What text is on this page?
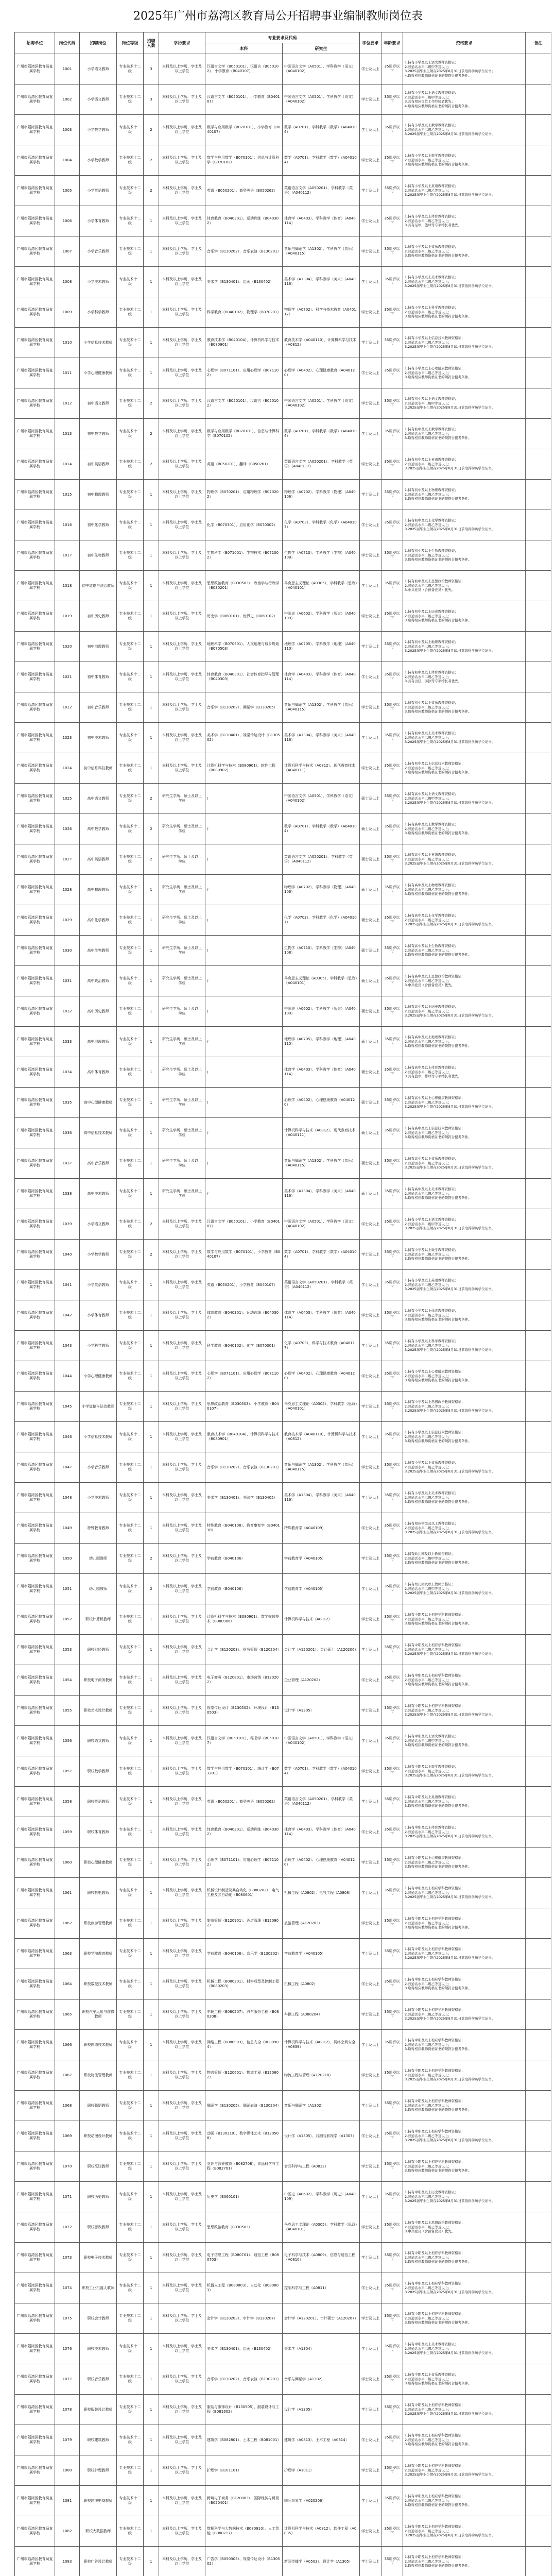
2025年广州市荔湾区教育局公开招聘事业编制教师岗位表
招聘单位	岗位代码	招聘岗位	岗位等级	招聘人数	学历要求	专业要求及代码		学位要求	年龄要求	资格要求	备注
						本科	研究生				
广州市荔湾区教育局直属学校	1001	小学语文教师	专业技术十二级	3	本科及以上学历、学士及以上学位	汉语言文学（B050101）、汉语言（B050102）、小学教育（B040107）	中国语言文学（A0501）、学科教学（语文）（A040102）	学士及以上	35周岁以下	1.持有小学及以上语文教师资格证；
2.普通话水平二级甲等及以上；
3.2025届毕业生须在2025年8月31日前取得学历学位证书；
4.取得相应教师资格证书的须符合报考条件。	
广州市荔湾区教育局直属学校	1002	小学语文教师	专业技术十二级	3	本科及以上学历、学士及以上学位	汉语言文学（B050101）、小学教育（B040107）	中国语言文学（A0501）、学科教学（语文）（A040102）	学士及以上	35周岁以下	1.持有小学及以上语文教师资格证；
2.普通话水平二级甲等及以上；
3.具有相应岗位工作经验者优先；
4.取得相应教师资格证书的须符合报考条件。	
广州市荔湾区教育局直属学校	1003	小学数学教师	专业技术十二级	2	本科及以上学历、学士及以上学位	数学与应用数学（B070101）、小学教育（B040107）	数学（A0701）、学科教学（数学）（A040104）	学士及以上	35周岁以下	1.持有小学及以上数学教师资格证；
2.普通话水平二级乙等及以上；
3.2025届毕业生须在2025年8月31日前取得学历学位证书。	
广州市荔湾区教育局直属学校	1004	小学数学教师	专业技术十二级	2	本科及以上学历、学士及以上学位	数学与应用数学（B070101）、信息与计算科学（B070102）	数学（A0701）、学科教学（数学）（A040104）	学士及以上	35周岁以下	1.持有小学及以上数学教师资格证；
2.普通话水平二级乙等及以上；
3.取得相应教师资格证书的须符合报考条件。	
广州市荔湾区教育局直属学校	1005	小学英语教师	专业技术十二级	2	本科及以上学历、学士及以上学位	英语（B050201）、商务英语（B050262）	英语语言文学（A050201）、学科教学（英语）（A040112）	学士及以上	35周岁以下	1.持有小学及以上英语教师资格证；
2.普通话水平二级乙等及以上；
3.2025届毕业生须在2025年8月31日前取得学历学位证书。	
广州市荔湾区教育局直属学校	1006	小学体育教师	专业技术十二级	1	本科及以上学历、学士及以上学位	体育教育（B040301）、运动训练（B040302）	体育学（A0403）、学科教学（体育）（A040114）	学士及以上	35周岁以下	1.持有小学及以上体育教师资格证；
2.普通话水平二级乙等及以上；
3.具有足球、篮球等专项特长者优先。	
广州市荔湾区教育局直属学校	1007	小学音乐教师	专业技术十二级	1	本科及以上学历、学士及以上学位	音乐学（B130202）、音乐表演（B130201）	音乐与舞蹈学（A1302）、学科教学（音乐）（A040115）	学士及以上	35周岁以下	1.持有小学及以上音乐教师资格证；
2.普通话水平二级乙等及以上；
3.取得相应教师资格证书的须符合报考条件。	
广州市荔湾区教育局直属学校	1008	小学美术教师	专业技术十二级	1	本科及以上学历、学士及以上学位	美术学（B130401）、绘画（B130402）	美术学（A1304）、学科教学（美术）（A040116）	学士及以上	35周岁以下	1.持有小学及以上美术教师资格证；
2.普通话水平二级乙等及以上；
3.2025届毕业生须在2025年8月31日前取得学历学位证书。	
广州市荔湾区教育局直属学校	1009	小学科学教师	专业技术十二级	1	本科及以上学历、学士及以上学位	科学教育（B040102）、物理学（B070201）	物理学（A0702）、科学与技术教育（A040117）	学士及以上	35周岁以下	1.持有小学及以上科学教师资格证；
2.普通话水平二级乙等及以上；
3.取得相应教师资格证书的须符合报考条件。	
广州市荔湾区教育局直属学校	1010	小学信息技术教师	专业技术十二级	1	本科及以上学历、学士及以上学位	教育技术学（B040104）、计算机科学与技术（B080901）	教育技术学（A040110）、计算机科学与技术（A0812）	学士及以上	35周岁以下	1.持有小学及以上信息技术教师资格证；
2.普通话水平二级乙等及以上；
3.2025届毕业生须在2025年8月31日前取得学历学位证书。	
广州市荔湾区教育局直属学校	1011	小学心理健康教师	专业技术十二级	1	本科及以上学历、学士及以上学位	心理学（B071101）、应用心理学（B071102）	心理学（A0402）、心理健康教育（A040120）	学士及以上	35周岁以下	1.持有小学及以上心理健康教师资格证；
2.普通话水平二级乙等及以上；
3.取得相应教师资格证书的须符合报考条件。	
广州市荔湾区教育局直属学校	1012	初中语文教师	专业技术十二级	2	本科及以上学历、学士及以上学位	汉语言文学（B050101）、汉语言（B050102）	中国语言文学（A0501）、学科教学（语文）（A040102）	学士及以上	35周岁以下	1.持有初中及以上语文教师资格证；
2.普通话水平二级甲等及以上；
3.2025届毕业生须在2025年8月31日前取得学历学位证书。	
广州市荔湾区教育局直属学校	1013	初中数学教师	专业技术十二级	2	本科及以上学历、学士及以上学位	数学与应用数学（B070101）、信息与计算科学（B070102）	数学（A0701）、学科教学（数学）（A040104）	学士及以上	35周岁以下	1.持有初中及以上数学教师资格证；
2.普通话水平二级乙等及以上；
3.取得相应教师资格证书的须符合报考条件。	
广州市荔湾区教育局直属学校	1014	初中英语教师	专业技术十二级	2	本科及以上学历、学士及以上学位	英语（B050201）、翻译（B050261）	英语语言文学（A050201）、学科教学（英语）（A040112）	学士及以上	35周岁以下	1.持有初中及以上英语教师资格证；
2.普通话水平二级乙等及以上；
3.2025届毕业生须在2025年8月31日前取得学历学位证书。	
广州市荔湾区教育局直属学校	1015	初中物理教师	专业技术十二级	1	本科及以上学历、学士及以上学位	物理学（B070201）、应用物理学（B070202）	物理学（A0702）、学科教学（物理）（A040106）	学士及以上	35周岁以下	1.持有初中及以上物理教师资格证；
2.普通话水平二级乙等及以上；
3.取得相应教师资格证书的须符合报考条件。	
广州市荔湾区教育局直属学校	1016	初中化学教师	专业技术十二级	1	本科及以上学历、学士及以上学位	化学（B070301）、应用化学（B070302）	化学（A0703）、学科教学（化学）（A040107）	学士及以上	35周岁以下	1.持有初中及以上化学教师资格证；
2.普通话水平二级乙等及以上；
3.2025届毕业生须在2025年8月31日前取得学历学位证书。	
广州市荔湾区教育局直属学校	1017	初中生物教师	专业技术十二级	1	本科及以上学历、学士及以上学位	生物科学（B071001）、生物技术（B071002）	生物学（A0710）、学科教学（生物）（A040108）	学士及以上	35周岁以下	1.持有初中及以上生物教师资格证；
2.普通话水平二级乙等及以上；
3.取得相应教师资格证书的须符合报考条件。	
广州市荔湾区教育局直属学校	1018	初中道德与法治教师	专业技术十二级	1	本科及以上学历、学士及以上学位	思想政治教育（B030503）、政治学与行政学（B030201）	马克思主义理论（A0305）、学科教学（思政）（A040101）	学士及以上	35周岁以下	1.持有初中及以上思想政治教师资格证；
2.普通话水平二级乙等及以上；
3.中共党员（含预备党员）优先。	
广州市荔湾区教育局直属学校	1019	初中历史教师	专业技术十二级	1	本科及以上学历、学士及以上学位	历史学（B060101）、世界史（B060102）	中国史（A0602）、学科教学（历史）（A040109）	学士及以上	35周岁以下	1.持有初中及以上历史教师资格证；
2.普通话水平二级乙等及以上；
3.取得相应教师资格证书的须符合报考条件。	
广州市荔湾区教育局直属学校	1020	初中地理教师	专业技术十二级	1	本科及以上学历、学士及以上学位	地理科学（B070501）、人文地理与城乡规划（B070503）	地理学（A0705）、学科教学（地理）（A040110）	学士及以上	35周岁以下	1.持有初中及以上地理教师资格证；
2.普通话水平二级乙等及以上；
3.2025届毕业生须在2025年8月31日前取得学历学位证书。	
广州市荔湾区教育局直属学校	1021	初中体育教师	专业技术十二级	1	本科及以上学历、学士及以上学位	体育教育（B040301）、社会体育指导与管理（B040303）	体育学（A0403）、学科教学（体育）（A040114）	学士及以上	35周岁以下	1.持有初中及以上体育教师资格证；
2.普通话水平二级乙等及以上；
3.具有田径、游泳等专项特长者优先。	
广州市荔湾区教育局直属学校	1022	初中音乐教师	专业技术十二级	1	本科及以上学历、学士及以上学位	音乐学（B130202）、舞蹈学（B130205）	音乐与舞蹈学（A1302）、学科教学（音乐）（A040115）	学士及以上	35周岁以下	1.持有初中及以上音乐教师资格证；
2.普通话水平二级乙等及以上；
3.取得相应教师资格证书的须符合报考条件。	
广州市荔湾区教育局直属学校	1023	初中美术教师	专业技术十二级	1	本科及以上学历、学士及以上学位	美术学（B130401）、视觉传达设计（B130502）	美术学（A1304）、学科教学（美术）（A040116）	学士及以上	35周岁以下	1.持有初中及以上美术教师资格证；
2.普通话水平二级乙等及以上；
3.2025届毕业生须在2025年8月31日前取得学历学位证书。	
广州市荔湾区教育局直属学校	1024	初中信息科技教师	专业技术十二级	1	本科及以上学历、学士及以上学位	计算机科学与技术（B080901）、软件工程（B080902）	计算机科学与技术（A0812）、现代教育技术（A040111）	学士及以上	35周岁以下	1.持有初中及以上信息技术教师资格证；
2.普通话水平二级乙等及以上；
3.取得相应教师资格证书的须符合报考条件。	
广州市荔湾区教育局直属学校	1025	高中语文教师	专业技术十二级	2	研究生学历、硕士及以上学位	/	中国语言文学（A0501）、学科教学（语文）（A040102）	硕士及以上	35周岁以下	1.持有高中及以上语文教师资格证；
2.普通话水平二级甲等及以上；
3.2025届毕业生须在2025年8月31日前取得学历学位证书。	
广州市荔湾区教育局直属学校	1026	高中数学教师	专业技术十二级	2	研究生学历、硕士及以上学位	/	数学（A0701）、学科教学（数学）（A040104）	硕士及以上	35周岁以下	1.持有高中及以上数学教师资格证；
2.普通话水平二级乙等及以上；
3.取得相应教师资格证书的须符合报考条件。	
广州市荔湾区教育局直属学校	1027	高中英语教师	专业技术十二级	2	研究生学历、硕士及以上学位	/	英语语言文学（A050201）、学科教学（英语）（A040112）	硕士及以上	35周岁以下	1.持有高中及以上英语教师资格证；
2.普通话水平二级乙等及以上；
3.2025届毕业生须在2025年8月31日前取得学历学位证书。	
广州市荔湾区教育局直属学校	1028	高中物理教师	专业技术十二级	1	研究生学历、硕士及以上学位	/	物理学（A0702）、学科教学（物理）（A040106）	硕士及以上	35周岁以下	1.持有高中及以上物理教师资格证；
2.普通话水平二级乙等及以上；
3.取得相应教师资格证书的须符合报考条件。	
广州市荔湾区教育局直属学校	1029	高中化学教师	专业技术十二级	1	研究生学历、硕士及以上学位	/	化学（A0703）、学科教学（化学）（A040107）	硕士及以上	35周岁以下	1.持有高中及以上化学教师资格证；
2.普通话水平二级乙等及以上；
3.2025届毕业生须在2025年8月31日前取得学历学位证书。	
广州市荔湾区教育局直属学校	1030	高中生物教师	专业技术十二级	1	研究生学历、硕士及以上学位	/	生物学（A0710）、学科教学（生物）（A040108）	硕士及以上	35周岁以下	1.持有高中及以上生物教师资格证；
2.普通话水平二级乙等及以上；
3.取得相应教师资格证书的须符合报考条件。	
广州市荔湾区教育局直属学校	1031	高中政治教师	专业技术十二级	1	研究生学历、硕士及以上学位	/	马克思主义理论（A0305）、学科教学（思政）（A040101）	硕士及以上	35周岁以下	1.持有高中及以上思想政治教师资格证；
2.普通话水平二级乙等及以上；
3.中共党员（含预备党员）优先。	
广州市荔湾区教育局直属学校	1032	高中历史教师	专业技术十二级	1	研究生学历、硕士及以上学位	/	中国史（A0602）、学科教学（历史）（A040109）	硕士及以上	35周岁以下	1.持有高中及以上历史教师资格证；
2.普通话水平二级乙等及以上；
3.2025届毕业生须在2025年8月31日前取得学历学位证书。	
广州市荔湾区教育局直属学校	1033	高中地理教师	专业技术十二级	1	研究生学历、硕士及以上学位	/	地理学（A0705）、学科教学（地理）（A040110）	硕士及以上	35周岁以下	1.持有高中及以上地理教师资格证；
2.普通话水平二级乙等及以上；
3.取得相应教师资格证书的须符合报考条件。	
广州市荔湾区教育局直属学校	1034	高中体育教师	专业技术十二级	1	研究生学历、硕士及以上学位	/	体育学（A0403）、学科教学（体育）（A040114）	硕士及以上	35周岁以下	1.持有高中及以上体育教师资格证；
2.普通话水平二级乙等及以上；
3.具有篮球、排球等专项特长者优先。	
广州市荔湾区教育局直属学校	1035	高中心理健康教师	专业技术十二级	1	研究生学历、硕士及以上学位	/	心理学（A0402）、心理健康教育（A040120）	硕士及以上	35周岁以下	1.持有高中及以上心理健康教师资格证；
2.普通话水平二级乙等及以上；
3.2025届毕业生须在2025年8月31日前取得学历学位证书。	
广州市荔湾区教育局直属学校	1036	高中信息技术教师	专业技术十二级	1	研究生学历、硕士及以上学位	/	计算机科学与技术（A0812）、现代教育技术（A040111）	硕士及以上	35周岁以下	1.持有高中及以上信息技术教师资格证；
2.普通话水平二级乙等及以上；
3.取得相应教师资格证书的须符合报考条件。	
广州市荔湾区教育局直属学校	1037	高中音乐教师	专业技术十二级	1	研究生学历、硕士及以上学位	/	音乐与舞蹈学（A1302）、学科教学（音乐）（A040115）	硕士及以上	35周岁以下	1.持有高中及以上音乐教师资格证；
2.普通话水平二级乙等及以上；
3.2025届毕业生须在2025年8月31日前取得学历学位证书。	
广州市荔湾区教育局直属学校	1038	高中美术教师	专业技术十二级	1	研究生学历、硕士及以上学位	/	美术学（A1304）、学科教学（美术）（A040116）	硕士及以上	35周岁以下	1.持有高中及以上美术教师资格证；
2.普通话水平二级乙等及以上；
3.取得相应教师资格证书的须符合报考条件。	
广州市荔湾区教育局直属学校	1039	小学语文教师	专业技术十二级	2	本科及以上学历、学士及以上学位	汉语言文学（B050101）、小学教育（B040107）	中国语言文学（A0501）、学科教学（语文）（A040102）	学士及以上	35周岁以下	1.持有小学及以上语文教师资格证；
2.普通话水平二级甲等及以上；
3.2025届毕业生须在2025年8月31日前取得学历学位证书。	
广州市荔湾区教育局直属学校	1040	小学数学教师	专业技术十二级	2	本科及以上学历、学士及以上学位	数学与应用数学（B070101）、小学教育（B040107）	数学（A0701）、学科教学（数学）（A040104）	学士及以上	35周岁以下	1.持有小学及以上数学教师资格证；
2.普通话水平二级乙等及以上；
3.取得相应教师资格证书的须符合报考条件。	
广州市荔湾区教育局直属学校	1041	小学英语教师	专业技术十二级	1	本科及以上学历、学士及以上学位	英语（B050201）、小学教育（B040107）	英语语言文学（A050201）、学科教学（英语）（A040112）	学士及以上	35周岁以下	1.持有小学及以上英语教师资格证；
2.普通话水平二级乙等及以上；
3.2025届毕业生须在2025年8月31日前取得学历学位证书。	
广州市荔湾区教育局直属学校	1042	小学体育教师	专业技术十二级	1	本科及以上学历、学士及以上学位	体育教育（B040301）、运动训练（B040302）	体育学（A0403）、学科教学（体育）（A040114）	学士及以上	35周岁以下	1.持有小学及以上体育教师资格证；
2.普通话水平二级乙等及以上；
3.取得相应教师资格证书的须符合报考条件。	
广州市荔湾区教育局直属学校	1043	小学科学教师	专业技术十二级	1	本科及以上学历、学士及以上学位	科学教育（B040102）、化学（B070301）	化学（A0703）、科学与技术教育（A040117）	学士及以上	35周岁以下	1.持有小学及以上科学教师资格证；
2.普通话水平二级乙等及以上；
3.2025届毕业生须在2025年8月31日前取得学历学位证书。	
广州市荔湾区教育局直属学校	1044	小学心理健康教师	专业技术十二级	1	本科及以上学历、学士及以上学位	心理学（B071101）、应用心理学（B071102）	心理学（A0402）、心理健康教育（A040120）	学士及以上	35周岁以下	1.持有小学及以上心理健康教师资格证；
2.普通话水平二级乙等及以上；
3.取得相应教师资格证书的须符合报考条件。	
广州市荔湾区教育局直属学校	1045	小学道德与法治教师	专业技术十二级	1	本科及以上学历、学士及以上学位	思想政治教育（B030503）、小学教育（B040107）	马克思主义理论（A0305）、学科教学（思政）（A040101）	学士及以上	35周岁以下	1.持有小学及以上思想政治教师资格证；
2.普通话水平二级乙等及以上；
3.2025届毕业生须在2025年8月31日前取得学历学位证书。	
广州市荔湾区教育局直属学校	1046	小学信息技术教师	专业技术十二级	1	本科及以上学历、学士及以上学位	教育技术学（B040104）、计算机科学与技术（B080901）	教育技术学（A040110）、计算机科学与技术（A0812）	学士及以上	35周岁以下	1.持有小学及以上信息技术教师资格证；
2.普通话水平二级乙等及以上；
3.取得相应教师资格证书的须符合报考条件。	
广州市荔湾区教育局直属学校	1047	小学音乐教师	专业技术十二级	1	本科及以上学历、学士及以上学位	音乐学（B130202）、音乐表演（B130201）	音乐与舞蹈学（A1302）、学科教学（音乐）（A040115）	学士及以上	35周岁以下	1.持有小学及以上音乐教师资格证；
2.普通话水平二级乙等及以上；
3.2025届毕业生须在2025年8月31日前取得学历学位证书。	
广州市荔湾区教育局直属学校	1048	小学美术教师	专业技术十二级	1	本科及以上学历、学士及以上学位	美术学（B130401）、书法学（B130405）	美术学（A1304）、学科教学（美术）（A040116）	学士及以上	35周岁以下	1.持有小学及以上美术教师资格证；
2.普通话水平二级乙等及以上；
3.取得相应教师资格证书的须符合报考条件。	
广州市荔湾区教育局直属学校	1049	特殊教育教师	专业技术十二级	1	本科及以上学历、学士及以上学位	特殊教育（B040108）、教育康复学（B040110）	特殊教育学（A040109）	学士及以上	35周岁以下	1.持有相应学段及以上教师资格证；
2.普通话水平二级乙等及以上；
3.2025届毕业生须在2025年8月31日前取得学历学位证书。	
广州市荔湾区教育局直属学校	1050	幼儿园教师	专业技术十二级	2	本科及以上学历、学士及以上学位	学前教育（B040106）	学前教育学（A040105）	学士及以上	35周岁以下	1.持有幼儿园及以上教师资格证；
2.普通话水平二级甲等及以上；
3.取得相应教师资格证书的须符合报考条件。	
广州市荔湾区教育局直属学校	1051	幼儿园教师	专业技术十二级	2	本科及以上学历、学士及以上学位	学前教育（B040106）	学前教育学（A040105）	学士及以上	35周岁以下	1.持有幼儿园及以上教师资格证；
2.普通话水平二级甲等及以上；
3.2025届毕业生须在2025年8月31日前取得学历学位证书。	
广州市荔湾区教育局直属学校	1052	职校计算机教师	专业技术十二级	1	本科及以上学历、学士及以上学位	计算机科学与技术（B080901）、数字媒体技术（B080906）	计算机科学与技术（A0812）	学士及以上	35周岁以下	1.持有中职及以上相应学科教师资格证；
2.普通话水平二级乙等及以上；
3.取得相应教师资格证书的须符合报考条件。	
广州市荔湾区教育局直属学校	1053	职校财经教师	专业技术十二级	1	本科及以上学历、学士及以上学位	会计学（B120203）、财务管理（B120204）	会计学（A120201）、会计硕士（A120206）	学士及以上	35周岁以下	1.持有中职及以上相应学科教师资格证；
2.普通话水平二级乙等及以上；
3.2025届毕业生须在2025年8月31日前取得学历学位证书。	
广州市荔湾区教育局直属学校	1054	职校电子商务教师	专业技术十二级	1	本科及以上学历、学士及以上学位	电子商务（B120801）、市场营销（B120202）	企业管理（A120202）	学士及以上	35周岁以下	1.持有中职及以上相应学科教师资格证；
2.普通话水平二级乙等及以上；
3.取得相应教师资格证书的须符合报考条件。	
广州市荔湾区教育局直属学校	1055	职校艺术设计教师	专业技术十二级	1	本科及以上学历、学士及以上学位	视觉传达设计（B130502）、环境设计（B130503）	设计学（A1305）	学士及以上	35周岁以下	1.持有中职及以上相应学科教师资格证；
2.普通话水平二级乙等及以上；
3.2025届毕业生须在2025年8月31日前取得学历学位证书。	
广州市荔湾区教育局直属学校	1056	职校语文教师	专业技术十二级	1	本科及以上学历、学士及以上学位	汉语言文学（B050101）、秘书学（B050107）	中国语言文学（A0501）、学科教学（语文）（A040102）	学士及以上	35周岁以下	1.持有中职及以上语文教师资格证；
2.普通话水平二级甲等及以上；
3.取得相应教师资格证书的须符合报考条件。	
广州市荔湾区教育局直属学校	1057	职校数学教师	专业技术十二级	1	本科及以上学历、学士及以上学位	数学与应用数学（B070101）、统计学（B071201）	数学（A0701）、学科教学（数学）（A040104）	学士及以上	35周岁以下	1.持有中职及以上数学教师资格证；
2.普通话水平二级乙等及以上；
3.2025届毕业生须在2025年8月31日前取得学历学位证书。	
广州市荔湾区教育局直属学校	1058	职校英语教师	专业技术十二级	1	本科及以上学历、学士及以上学位	英语（B050201）、商务英语（B050262）	英语语言文学（A050201）、学科教学（英语）（A040112）	学士及以上	35周岁以下	1.持有中职及以上英语教师资格证；
2.普通话水平二级乙等及以上；
3.取得相应教师资格证书的须符合报考条件。	
广州市荔湾区教育局直属学校	1059	职校体育教师	专业技术十二级	1	本科及以上学历、学士及以上学位	体育教育（B040301）、运动训练（B040302）	体育学（A0403）、学科教学（体育）（A040114）	学士及以上	35周岁以下	1.持有中职及以上体育教师资格证；
2.普通话水平二级乙等及以上；
3.2025届毕业生须在2025年8月31日前取得学历学位证书。	
广州市荔湾区教育局直属学校	1060	职校心理健康教师	专业技术十二级	1	本科及以上学历、学士及以上学位	心理学（B071101）、应用心理学（B071102）	心理学（A0402）、心理健康教育（A040120）	学士及以上	35周岁以下	1.持有中职及以上心理健康教师资格证；
2.普通话水平二级乙等及以上；
3.取得相应教师资格证书的须符合报考条件。	
广州市荔湾区教育局直属学校	1061	职校机电教师	专业技术十二级	1	本科及以上学历、学士及以上学位	机械设计制造及其自动化（B080202）、电气工程及其自动化（B080601）	机械工程（A0802）、电气工程（A0808）	学士及以上	35周岁以下	1.持有中职及以上相应学科教师资格证；
2.普通话水平二级乙等及以上；
3.2025届毕业生须在2025年8月31日前取得学历学位证书。	
广州市荔湾区教育局直属学校	1062	职校旅游管理教师	专业技术十二级	1	本科及以上学历、学士及以上学位	旅游管理（B120901）、酒店管理（B120902）	旅游管理（A120203）	学士及以上	35周岁以下	1.持有中职及以上相应学科教师资格证；
2.普通话水平二级乙等及以上；
3.取得相应教师资格证书的须符合报考条件。	
广州市荔湾区教育局直属学校	1063	职校学前教育教师	专业技术十二级	1	本科及以上学历、学士及以上学位	学前教育（B040106）、音乐学（B130202）	学前教育学（A040105）	学士及以上	35周岁以下	1.持有中职及以上相应学科教师资格证；
2.普通话水平二级乙等及以上；
3.2025届毕业生须在2025年8月31日前取得学历学位证书。	
广州市荔湾区教育局直属学校	1064	职校数控技术教师	专业技术十二级	1	本科及以上学历、学士及以上学位	机械工程（B080201）、材料成型及控制工程（B080203）	机械工程（A0802）	学士及以上	35周岁以下	1.持有中职及以上相应学科教师资格证；
2.普通话水平二级乙等及以上；
3.取得相应教师资格证书的须符合报考条件。	
广州市荔湾区教育局直属学校	1065	职校汽车运用与维修教师	专业技术十二级	1	本科及以上学历、学士及以上学位	车辆工程（B080207）、汽车服务工程（B080208）	车辆工程（A080204）	学士及以上	35周岁以下	1.持有中职及以上相应学科教师资格证；
2.普通话水平二级乙等及以上；
3.2025届毕业生须在2025年8月31日前取得学历学位证书。	
广州市荔湾区教育局直属学校	1066	职校网络技术教师	专业技术十二级	1	本科及以上学历、学士及以上学位	网络工程（B080903）、信息安全（B080904）	计算机科学与技术（A0812）、网络空间安全（A0839）	学士及以上	35周岁以下	1.持有中职及以上相应学科教师资格证；
2.普通话水平二级乙等及以上；
3.取得相应教师资格证书的须符合报考条件。	
广州市荔湾区教育局直属学校	1067	职校物流管理教师	专业技术十二级	1	本科及以上学历、学士及以上学位	物流管理（B120601）、物流工程（B120602）	物流工程与管理（A120210）	学士及以上	35周岁以下	1.持有中职及以上相应学科教师资格证；
2.普通话水平二级乙等及以上；
3.2025届毕业生须在2025年8月31日前取得学历学位证书。	
广州市荔湾区教育局直属学校	1068	职校舞蹈教师	专业技术十二级	1	本科及以上学历、学士及以上学位	舞蹈学（B130205）、舞蹈表演（B130204）	音乐与舞蹈学（A1302）	学士及以上	35周岁以下	1.持有中职及以上相应学科教师资格证；
2.普通话水平二级乙等及以上；
3.取得相应教师资格证书的须符合报考条件。	
广州市荔湾区教育局直属学校	1069	职校动漫设计教师	专业技术十二级	1	本科及以上学历、学士及以上学位	动画（B130310）、数字媒体艺术（B130508）	设计学（A1305）、戏剧与影视学（A1303）	学士及以上	35周岁以下	1.持有中职及以上相应学科教师资格证；
2.普通话水平二级乙等及以上；
3.2025届毕业生须在2025年8月31日前取得学历学位证书。	
广州市荔湾区教育局直属学校	1070	职校烹饪教师	专业技术十二级	1	本科及以上学历、学士及以上学位	烹饪与营养教育（B082708）、食品科学与工程（B082701）	食品科学与工程（A0832）	学士及以上	35周岁以下	1.持有中职及以上相应学科教师资格证；
2.普通话水平二级乙等及以上；
3.取得相应教师资格证书的须符合报考条件。	
广州市荔湾区教育局直属学校	1071	职校历史教师	专业技术十二级	1	本科及以上学历、学士及以上学位	历史学（B060101）	中国史（A0602）、学科教学（历史）（A040109）	学士及以上	35周岁以下	1.持有中职及以上历史教师资格证；
2.普通话水平二级乙等及以上；
3.2025届毕业生须在2025年8月31日前取得学历学位证书。	
广州市荔湾区教育局直属学校	1072	职校思政教师	专业技术十二级	1	本科及以上学历、学士及以上学位	思想政治教育（B030503）	马克思主义理论（A0305）、学科教学（思政）（A040101）	学士及以上	35周岁以下	1.持有中职及以上思想政治教师资格证；
2.普通话水平二级乙等及以上；
3.中共党员（含预备党员）优先。	
广州市荔湾区教育局直属学校	1073	职校电子技术教师	专业技术十二级	1	本科及以上学历、学士及以上学位	电子信息工程（B080701）、通信工程（B080703）	电子科学与技术（A0809）、信息与通信工程（A0810）	学士及以上	35周岁以下	1.持有中职及以上相应学科教师资格证；
2.普通话水平二级乙等及以上；
3.取得相应教师资格证书的须符合报考条件。	
广州市荔湾区教育局直属学校	1074	职校工业机器人教师	专业技术十二级	1	本科及以上学历、学士及以上学位	机器人工程（B080803）、自动化（B080801）	控制科学与工程（A0811）	学士及以上	35周岁以下	1.持有中职及以上相应学科教师资格证；
2.普通话水平二级乙等及以上；
3.2025届毕业生须在2025年8月31日前取得学历学位证书。	
广州市荔湾区教育局直属学校	1075	职校会计教师	专业技术十二级	1	本科及以上学历、学士及以上学位	会计学（B120203）、审计学（B120207）	会计学（A120201）、审计硕士（A120207）	学士及以上	35周岁以下	1.持有中职及以上相应学科教师资格证；
2.普通话水平二级乙等及以上；
3.取得相应教师资格证书的须符合报考条件。	
广州市荔湾区教育局直属学校	1076	职校美术教师	专业技术十二级	1	本科及以上学历、学士及以上学位	美术学（B130401）、绘画（B130402）	美术学（A1304）	学士及以上	35周岁以下	1.持有中职及以上美术教师资格证；
2.普通话水平二级乙等及以上；
3.2025届毕业生须在2025年8月31日前取得学历学位证书。	
广州市荔湾区教育局直属学校	1077	职校音乐教师	专业技术十二级	1	本科及以上学历、学士及以上学位	音乐学（B130202）、音乐表演（B130201）	音乐与舞蹈学（A1302）	学士及以上	35周岁以下	1.持有中职及以上音乐教师资格证；
2.普通话水平二级乙等及以上；
3.取得相应教师资格证书的须符合报考条件。	
广州市荔湾区教育局直属学校	1078	职校服装设计教师	专业技术十二级	1	本科及以上学历、学士及以上学位	服装与服饰设计（B130505）、服装设计与工程（B081602）	设计学（A1305）	学士及以上	35周岁以下	1.持有中职及以上相应学科教师资格证；
2.普通话水平二级乙等及以上；
3.2025届毕业生须在2025年8月31日前取得学历学位证书。	
广州市荔湾区教育局直属学校	1079	职校建筑教师	专业技术十二级	1	本科及以上学历、学士及以上学位	建筑学（B082801）、土木工程（B081001）	建筑学（A0813）、土木工程（A0814）	学士及以上	35周岁以下	1.持有中职及以上相应学科教师资格证；
2.普通话水平二级乙等及以上；
3.取得相应教师资格证书的须符合报考条件。	
广州市荔湾区教育局直属学校	1080	职校护理教师	专业技术十二级	1	本科及以上学历、学士及以上学位	护理学（B101101）	护理学（A1011）	学士及以上	35周岁以下	1.持有中职及以上相应学科教师资格证；
2.普通话水平二级乙等及以上；
3.2025届毕业生须在2025年8月31日前取得学历学位证书。	
广州市荔湾区教育局直属学校	1081	职校跨境电商教师	专业技术十二级	1	本科及以上学历、学士及以上学位	跨境电子商务（B120803）、国际经济与贸易（B020401）	国际贸易学（A020206）	学士及以上	35周岁以下	1.持有中职及以上相应学科教师资格证；
2.普通话水平二级乙等及以上；
3.取得相应教师资格证书的须符合报考条件。	
广州市荔湾区教育局直属学校	1082	职校大数据教师	专业技术十二级	1	本科及以上学历、学士及以上学位	数据科学与大数据技术（B080910）、人工智能（B080717）	计算机科学与技术（A0812）、软件工程（A0835）	学士及以上	35周岁以下	1.持有中职及以上相应学科教师资格证；
2.普通话水平二级乙等及以上；
3.2025届毕业生须在2025年8月31日前取得学历学位证书。	
广州市荔湾区教育局直属学校	1083	职校广告设计教师	专业技术十二级	1	本科及以上学历、学士及以上学位	广告学（B050303）、视觉传达设计（B130502）	新闻传播学（A0503）、设计学（A1305）	学士及以上	35周岁以下	1.持有中职及以上相应学科教师资格证；
2.普通话水平二级乙等及以上；
3.取得相应教师资格证书的须符合报考条件。	
